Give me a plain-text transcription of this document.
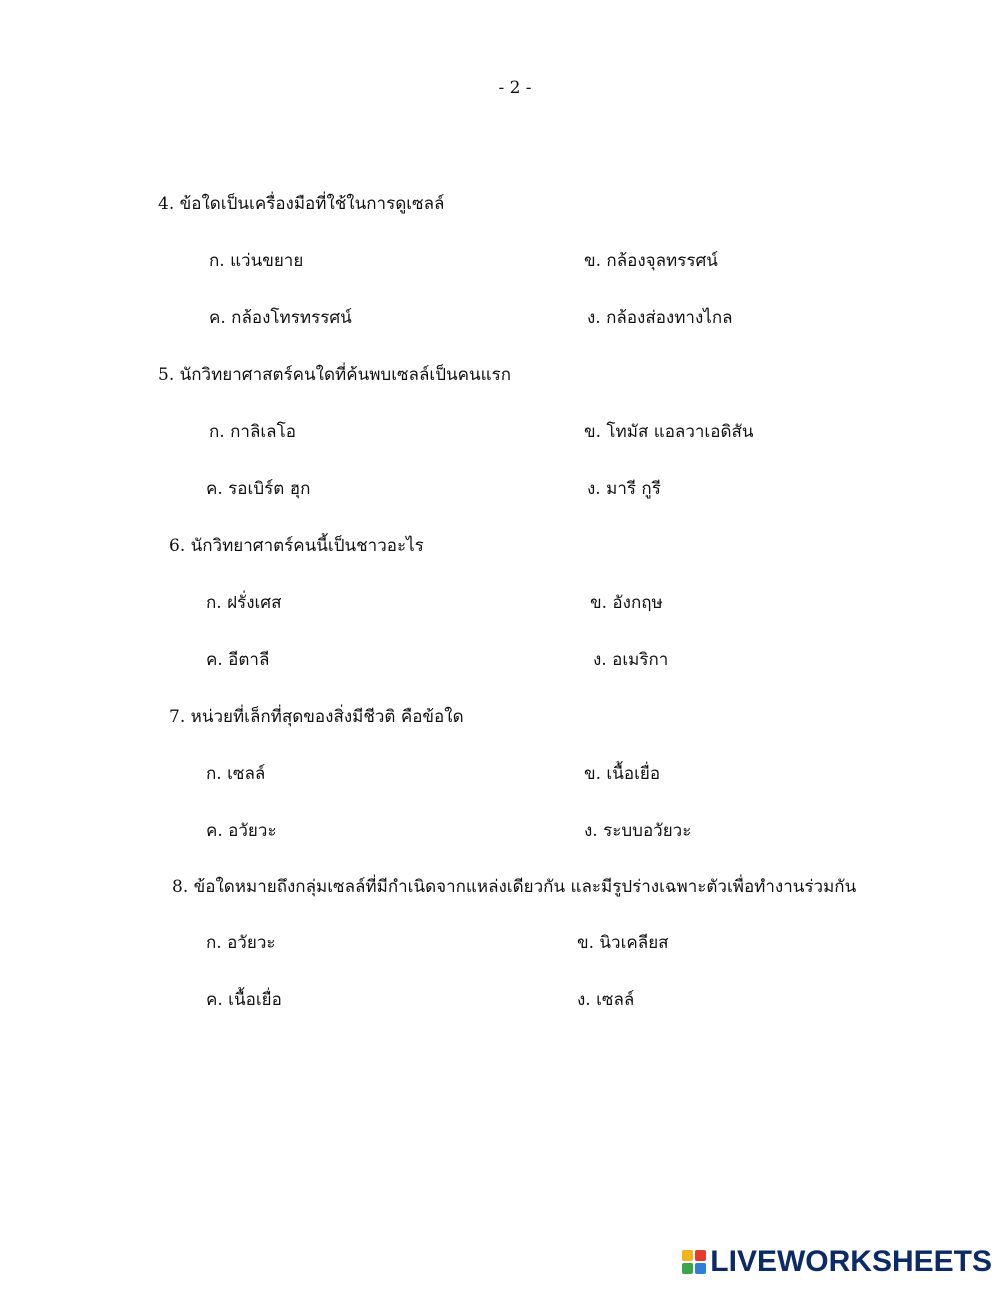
- 2 -
4. ข้อใดเป็นเครื่องมือที่ใช้ในการดูเซลล์
ก. แว่นขยาย	ข. กล้องจุลทรรศน์
ค. กล้องโทรทรรศน์	ง. กล้องส่องทางไกล
5. นักวิทยาศาสตร์คนใดที่ค้นพบเซลล์เป็นคนแรก
ก. กาลิเลโอ	ข. โทมัส แอลวาเอดิสัน
ค. รอเบิร์ต ฮุก	ง. มารี กูรี
6. นักวิทยาศาตร์คนนี้เป็นชาวอะไร
ก. ฝรั่งเศส	ข. อังกฤษ
ค. อีตาลี	ง. อเมริกา
7. หน่วยที่เล็กที่สุดของสิ่งมีชีวติ คือข้อใด
ก. เซลล์	ข. เนื้อเยื่อ
ค. อวัยวะ	ง. ระบบอวัยวะ
8. ข้อใดหมายถึงกลุ่มเซลล์ที่มีกำเนิดจากแหล่งเดียวกัน และมีรูปร่างเฉพาะตัวเพื่อทำงานร่วมกัน
ก. อวัยวะ	ข. นิวเคลียส
ค. เนื้อเยื่อ	ง. เซลล์
LIVEWORKSHEETS
